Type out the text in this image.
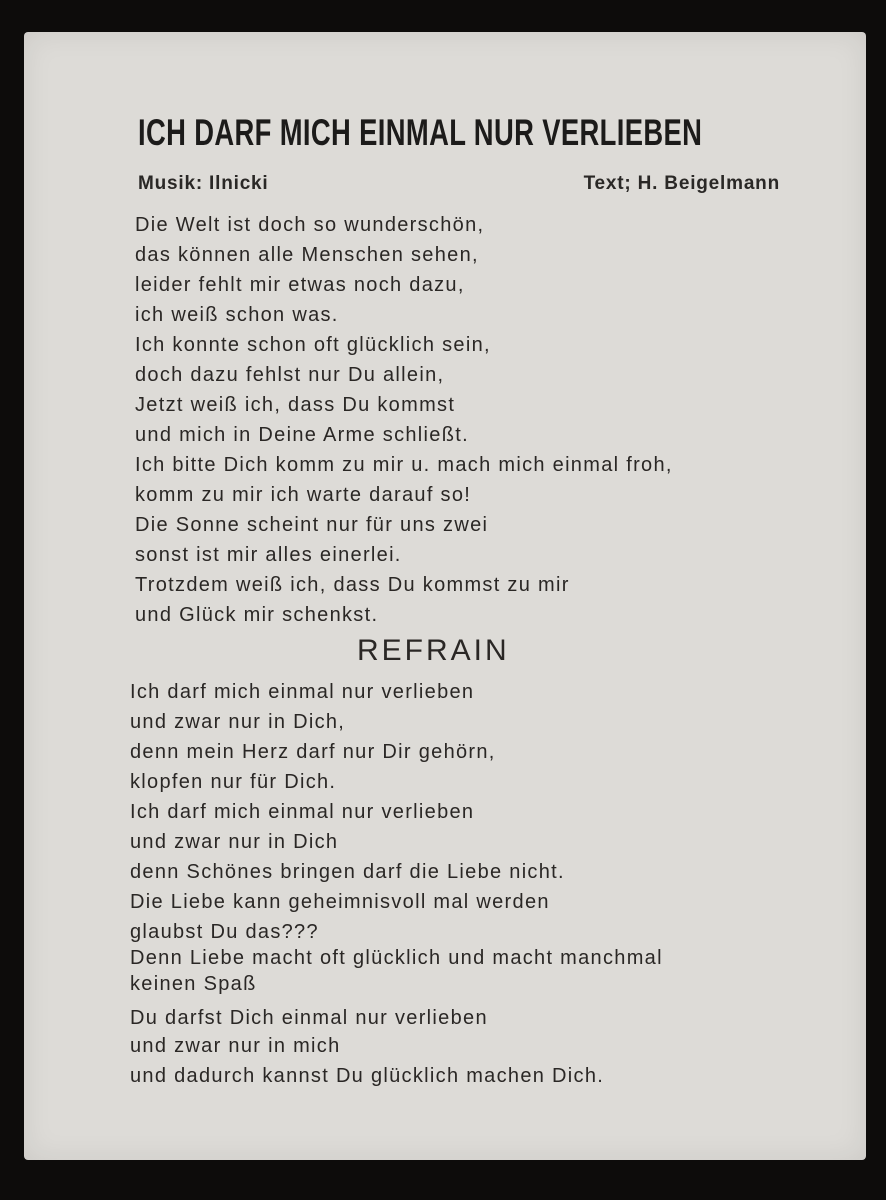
ICH DARF MICH EINMAL NUR VERLIEBEN
Musik: Ilnicki	Text; H. Beigelmann
Die Welt ist doch so wunderschön,
das können alle Menschen sehen,
leider fehlt mir etwas noch dazu,
ich weiß schon was.
Ich konnte schon oft glücklich sein,
doch dazu fehlst nur Du allein,
Jetzt weiß ich, dass Du kommst
und mich in Deine Arme schließt.
Ich bitte Dich komm zu mir u. mach mich einmal froh,
komm zu mir ich warte darauf so!
Die Sonne scheint nur für uns zwei
sonst ist mir alles einerlei.
Trotzdem weiß ich, dass Du kommst zu mir
und Glück mir schenkst.
REFRAIN
Ich darf mich einmal nur verlieben
und zwar nur in Dich,
denn mein Herz darf nur Dir gehörn,
klopfen nur für Dich.
Ich darf mich einmal nur verlieben
und zwar nur in Dich
denn Schönes bringen darf die Liebe nicht.
Die Liebe kann geheimnisvoll mal werden
glaubst Du das???
Denn Liebe macht oft glücklich und macht manchmal
keinen Spaß
Du darfst Dich einmal nur verlieben
und zwar nur in mich
und dadurch kannst Du glücklich machen Dich.
